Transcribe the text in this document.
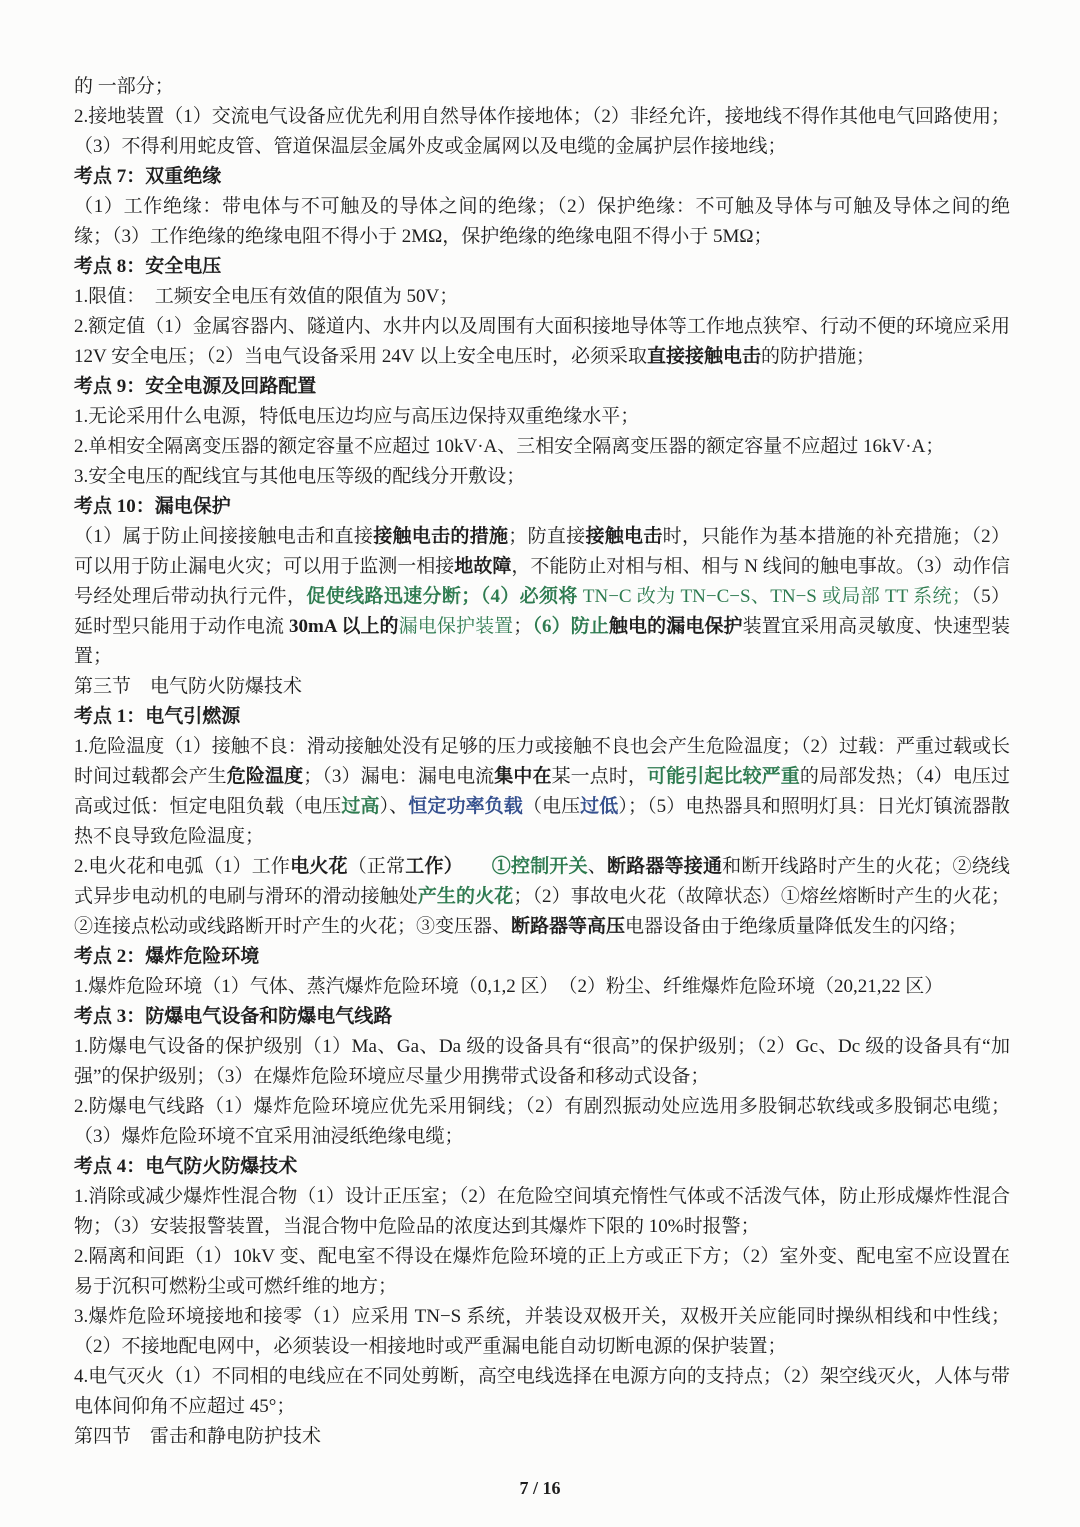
的 一部分；

2.接地装置（1）交流电气设备应优先利用自然导体作接地体；（2）非经允许，接地线不得作其他电气回路使用；（3）不得利用蛇皮管、管道保温层金属外皮或金属网以及电缆的金属护层作接地线；

考点 7：双重绝缘

（1）工作绝缘：带电体与不可触及的导体之间的绝缘；（2）保护绝缘：不可触及导体与可触及导体之间的绝缘；（3）工作绝缘的绝缘电阻不得小于 2MΩ，保护绝缘的绝缘电阻不得小于 5MΩ；

考点 8：安全电压

1.限值：　工频安全电压有效值的限值为 50V；

2.额定值（1）金属容器内、隧道内、水井内以及周围有大面积接地导体等工作地点狭窄、行动不便的环境应采用 12V 安全电压；（2）当电气设备采用 24V 以上安全电压时，必须采取直接接触电击的防护措施；

考点 9：安全电源及回路配置

1.无论采用什么电源，特低电压边均应与高压边保持双重绝缘水平；

2.单相安全隔离变压器的额定容量不应超过 10kV·A、三相安全隔离变压器的额定容量不应超过 16kV·A；

3.安全电压的配线宜与其他电压等级的配线分开敷设；

考点 10：漏电保护

（1）属于防止间接接触电击和直接接触电击的措施；防直接接触电击时，只能作为基本措施的补充措施；（2）可以用于防止漏电火灾；可以用于监测一相接地故障，不能防止对相与相、相与 N 线间的触电事故。（3）动作信号经处理后带动执行元件，促使线路迅速分断；（4）必须将 TN−C 改为 TN−C−S、TN−S 或局部 TT 系统；（5）延时型只能用于动作电流 30mA 以上的漏电保护装置；（6）防止触电的漏电保护装置宜采用高灵敏度、快速型装置；

第三节　电气防火防爆技术

考点 1：电气引燃源

1.危险温度（1）接触不良：滑动接触处没有足够的压力或接触不良也会产生危险温度；（2）过载：严重过载或长时间过载都会产生危险温度；（3）漏电：漏电电流集中在某一点时，可能引起比较严重的局部发热；（4）电压过高或过低：恒定电阻负载（电压过高）、恒定功率负载（电压过低）；（5）电热器具和照明灯具：日光灯镇流器散热不良导致危险温度；

2.电火花和电弧（1）工作电火花（正常工作）　　 ①控制开关、断路器等接通和断开线路时产生的火花；②绕线式异步电动机的电刷与滑环的滑动接触处产生的火花；（2）事故电火花（故障状态）①熔丝熔断时产生的火花；②连接点松动或线路断开时产生的火花；③变压器、断路器等高压电器设备由于绝缘质量降低发生的闪络；

考点 2：爆炸危险环境

1.爆炸危险环境（1）气体、蒸汽爆炸危险环境（0,1,2 区）　（2）粉尘、纤维爆炸危险环境（20,21,22 区）

考点 3：防爆电气设备和防爆电气线路

1.防爆电气设备的保护级别（1）Ma、Ga、Da 级的设备具有“很高”的保护级别；（2）Gc、Dc 级的设备具有“加强”的保护级别；（3）在爆炸危险环境应尽量少用携带式设备和移动式设备；

2.防爆电气线路（1）爆炸危险环境应优先采用铜线；（2）有剧烈振动处应选用多股铜芯软线或多股铜芯电缆；（3）爆炸危险环境不宜采用油浸纸绝缘电缆；

考点 4：电气防火防爆技术

1.消除或减少爆炸性混合物（1）设计正压室；（2）在危险空间填充惰性气体或不活泼气体，防止形成爆炸性混合物；（3）安装报警装置，当混合物中危险品的浓度达到其爆炸下限的 10%时报警；

2.隔离和间距（1）10kV 变、配电室不得设在爆炸危险环境的正上方或正下方；（2）室外变、配电室不应设置在易于沉积可燃粉尘或可燃纤维的地方；

3.爆炸危险环境接地和接零（1）应采用 TN−S 系统，并装设双极开关，双极开关应能同时操纵相线和中性线；（2）不接地配电网中，必须装设一相接地时或严重漏电能自动切断电源的保护装置；

4.电气灭火（1）不同相的电线应在不同处剪断，高空电线选择在电源方向的支持点；（2）架空线灭火，人体与带电体间仰角不应超过 45°；

第四节　雷击和静电防护技术

7 / 16
